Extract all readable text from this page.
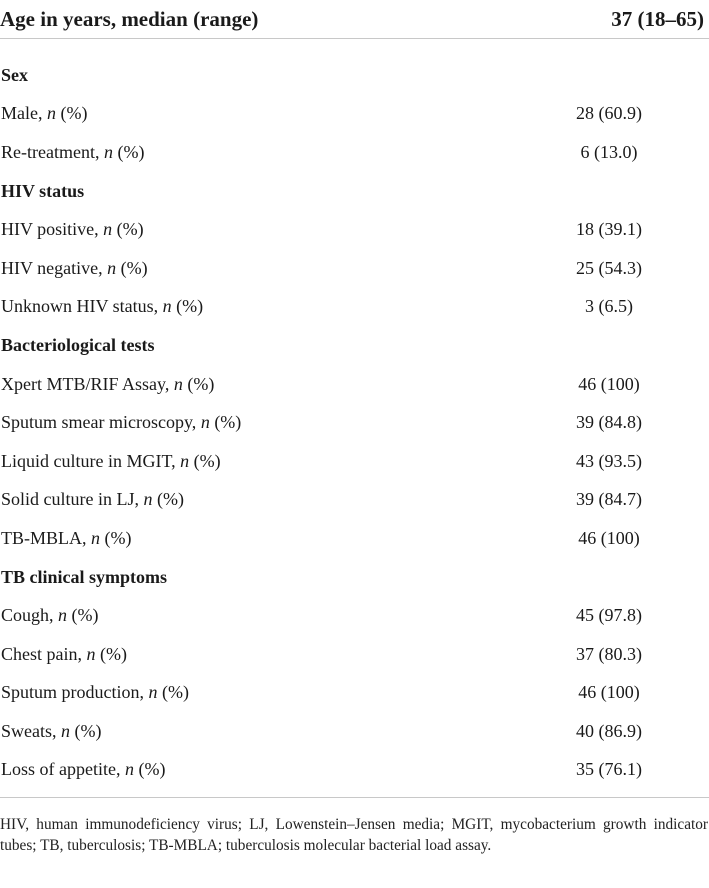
Age in years, median (range)	37 (18–65)
Sex
Male, n (%)	28 (60.9)
Re-treatment, n (%)	6 (13.0)
HIV status
HIV positive, n (%)	18 (39.1)
HIV negative, n (%)	25 (54.3)
Unknown HIV status, n (%)	3 (6.5)
Bacteriological tests
Xpert MTB/RIF Assay, n (%)	46 (100)
Sputum smear microscopy, n (%)	39 (84.8)
Liquid culture in MGIT, n (%)	43 (93.5)
Solid culture in LJ, n (%)	39 (84.7)
TB-MBLA, n (%)	46 (100)
TB clinical symptoms
Cough, n (%)	45 (97.8)
Chest pain, n (%)	37 (80.3)
Sputum production, n (%)	46 (100)
Sweats, n (%)	40 (86.9)
Loss of appetite, n (%)	35 (76.1)
HIV, human immunodeficiency virus; LJ, Lowenstein–Jensen media; MGIT, mycobacterium growth indicator tubes; TB, tuberculosis; TB-MBLA; tuberculosis molecular bacterial load assay.
